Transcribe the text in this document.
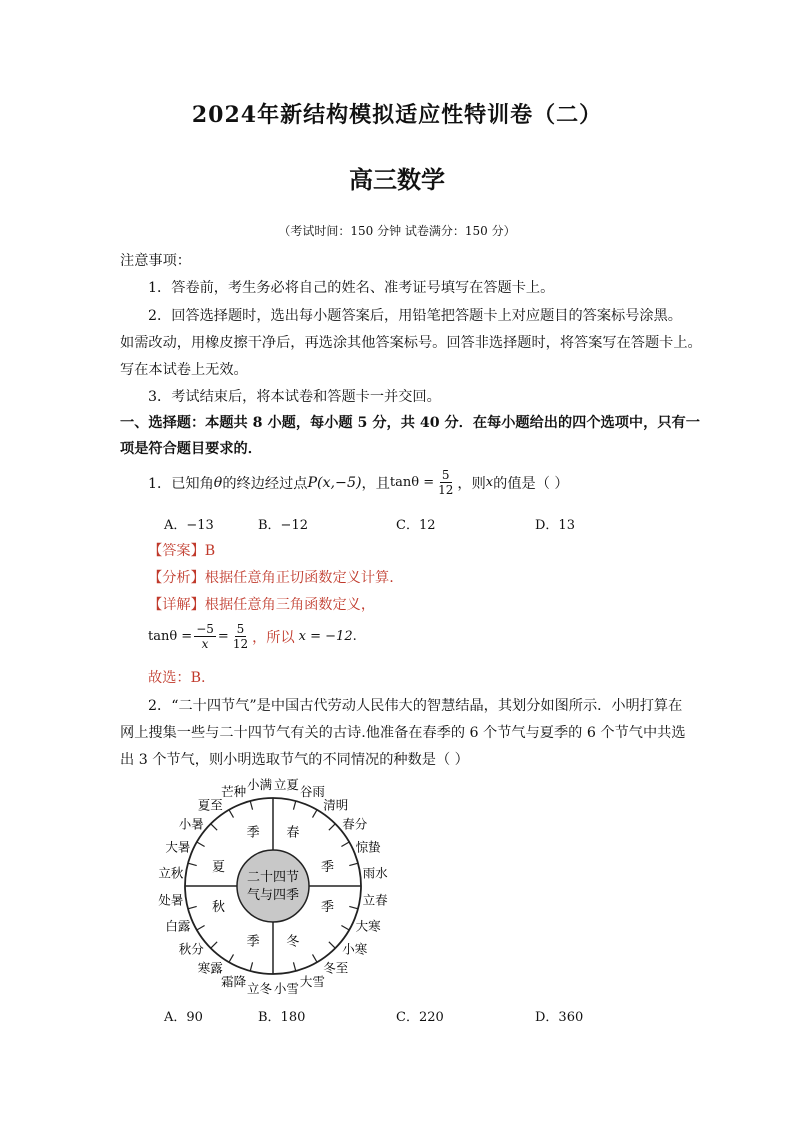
2024年新结构模拟适应性特训卷（二）
高三数学
（考试时间：150 分钟 试卷满分：150 分）
注意事项：
1．答卷前，考生务必将自己的姓名、准考证号填写在答题卡上。
2．回答选择题时，选出每小题答案后，用铅笔把答题卡上对应题目的答案标号涂黑。
如需改动，用橡皮擦干净后，再选涂其他答案标号。回答非选择题时，将答案写在答题卡上。
写在本试卷上无效。
3．考试结束后，将本试卷和答题卡一并交回。
一、选择题：本题共 8 小题，每小题 5 分，共 40 分．在每小题给出的四个选项中，只有一
项是符合题目要求的．
1．已知角 θ 的终边经过点 P(x,−5) ，且 $\tan\theta = \frac{5}{12}$ ，则 x 的值是（ ）
A．−13	B．−12	C．12	D．13
【答案】B
【分析】根据任意角正切函数定义计算.
【详解】根据任意角三角函数定义，
$\tan\theta = \frac{-5}{x} = \frac{5}{12}$ ，所以 x = −12 .
故选：B.
2．“二十四节气”是中国古代劳动人民伟大的智慧结晶，其划分如图所示．小明打算在
网上搜集一些与二十四节气有关的古诗.他准备在春季的 6 个节气与夏季的 6 个节气中共选
出 3 个节气，则小明选取节气的不同情况的种数是（ ）
二十四节
气与四季
春
季
夏
季
秋
季 冬
季
小满 立夏 谷雨
清明
春分
惊蛰
雨水
立春
大寒
小寒
冬至
大雪
小雪
立冬
霜降
寒露
秋分
白露
处暑
立秋
大暑
小暑
夏至
芒种
A．90	B．180	C．220	D．360
